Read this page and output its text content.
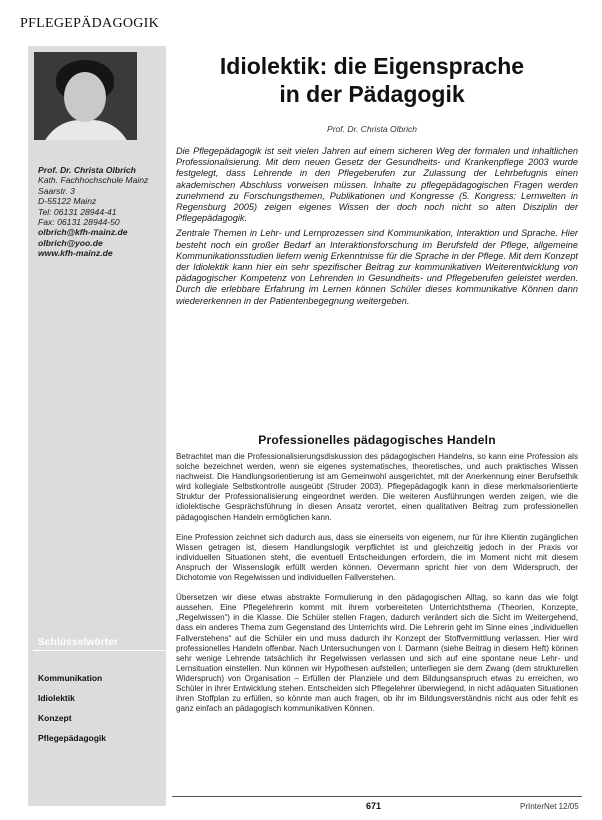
PFLEGEPÄDAGOGIK
Prof. Dr. Christa Olbrich
Kath. Fachhochschule Mainz
Saarstr. 3
D-55122 Mainz
Tel: 06131 28944-41
Fax: 06131 28944-50
olbrich@kfh-mainz.de
olbrich@yoo.de
www.kfh-mainz.de
Schlüsselwörter
Kommunikation
Idiolektik
Konzept
Pflegepädagogik
Idiolektik: die Eigensprache
in der Pädagogik
Prof. Dr. Christa Olbrich

Die Pflegepädagogik ist seit vielen Jahren auf einem sicheren Weg der formalen und inhaltlichen Professionalisierung. Mit dem neuen Gesetz der Gesundheits- und Krankenpflege 2003 wurde festgelegt, dass Lehrende in den Pflegeberufen zur Zulassung der Lehrbefugnis einen akademischen Abschluss vorweisen müssen. Inhalte zu pflegepädagogischen Fragen werden zunehmend zu Forschungsthemen, Publikationen und Kongresse (5. Kongress: Lernwelten in Regensburg 2005) zeigen eigenes Wissen der doch noch nicht so alten Disziplin der Pflegepädagogik.

Zentrale Themen in Lehr- und Lernprozessen sind Kommunikation, Interaktion und Sprache. Hier besteht noch ein großer Bedarf an Interaktionsforschung im Berufsfeld der Pflege, allgemeine Kommunikationsstudien liefern wenig Erkenntnisse für die Sprache in der Pflege. Mit dem Konzept der Idiolektik kann hier ein sehr spezifischer Beitrag zur kommunikativen Weiterentwicklung von pädagogischer Kompetenz von Lehrenden in Gesundheits- und Pflegeberufen geleistet werden. Durch die erlebbare Erfahrung im Lernen können Schüler dieses kommunikative Können dann wiedererkennen in der Patientenbegegnung weitergeben.

Professionelles pädagogisches Handeln

Betrachtet man die Professionalisierungsdiskussion des pädagogischen Handelns, so kann eine Profession als solche bezeichnet werden, wenn sie eigenes systematisches, theoretisches, und auch praktisches Wissen nachweist. Die Handlungsorientierung ist am Gemeinwohl ausgerichtet, mit der Anerkennung einer Berufsethik wird kollegiale Selbstkontrolle ausgeübt (Struder 2003). Pflegepädagogik kann in diese merkmalsorientierte Struktur der Professionalisierung eingeordnet werden. Die weiteren Ausführungen werden zeigen, wie die idiolektische Gesprächsführung in diesen Ansatz verortet, einen qualitativen Beitrag zum professionellen pädagogischen Handeln ermöglichen kann.

Eine Profession zeichnet sich dadurch aus, dass sie einerseits von eigenem, nur für ihre Klientin zugänglichen Wissen getragen ist, diesem Handlungslogik verpflichtet ist und gleichzeitig jedoch in der Praxis vor individuellen Situationen steht, die eventuell Entscheidungen erfordern, die im Moment nicht mit diesem Anspruch der Wissenslogik erfüllt werden können. Oevermann spricht hier von dem Widerspruch, der Dichotomie von Regelwissen und individuellen Fallverstehen.

Übersetzen wir diese etwas abstrakte Formulierung in den pädagogischen Alltag, so kann das wie folgt aussehen. Eine Pflegelehrerin kommt mit ihrem vorbereiteten Unterrichtsthema (Theorien, Konzepte, „Regelwissen“) in die Klasse. Die Schüler stellen Fragen, dadurch verändert sich die Sicht im Weitergehend, dass ein anderes Thema zum Gegenstand des Unterrichts wird. Die Lehrerin geht im Sinne eines „individuellen Fallverstehens“ auf die Schüler ein und muss dadurch ihr Konzept der Stoffvermittlung verlassen. Hier wird professionelles Handeln offenbar. Nach Untersuchungen von I. Darmann (siehe Beitrag in diesem Heft) können sehr wenige Lehrende tatsächlich ihr Regelwissen verlassen und sich auf eine spontane neue Lehr- und Lernsituation einstellen. Nun können wir Hypothesen aufstellen; unterliegen sie dem Zwang (dem strukturellen Widerspruch) von Organisation – Erfüllen der Planziele und dem Bildungsanspruch etwas zu erreichen, wo Schüler in ihrer Entwicklung stehen. Entscheiden sich Pflegelehrer überwiegend, in nicht adäquaten Situationen ihren Stoffplan zu erfüllen, so könnte man auch fragen, ob ihr im Bildungsverständnis nicht aus oder fehlt es ganz einfach an pädagogisch kommunikativen Können.

671	PrInterNet 12/05
